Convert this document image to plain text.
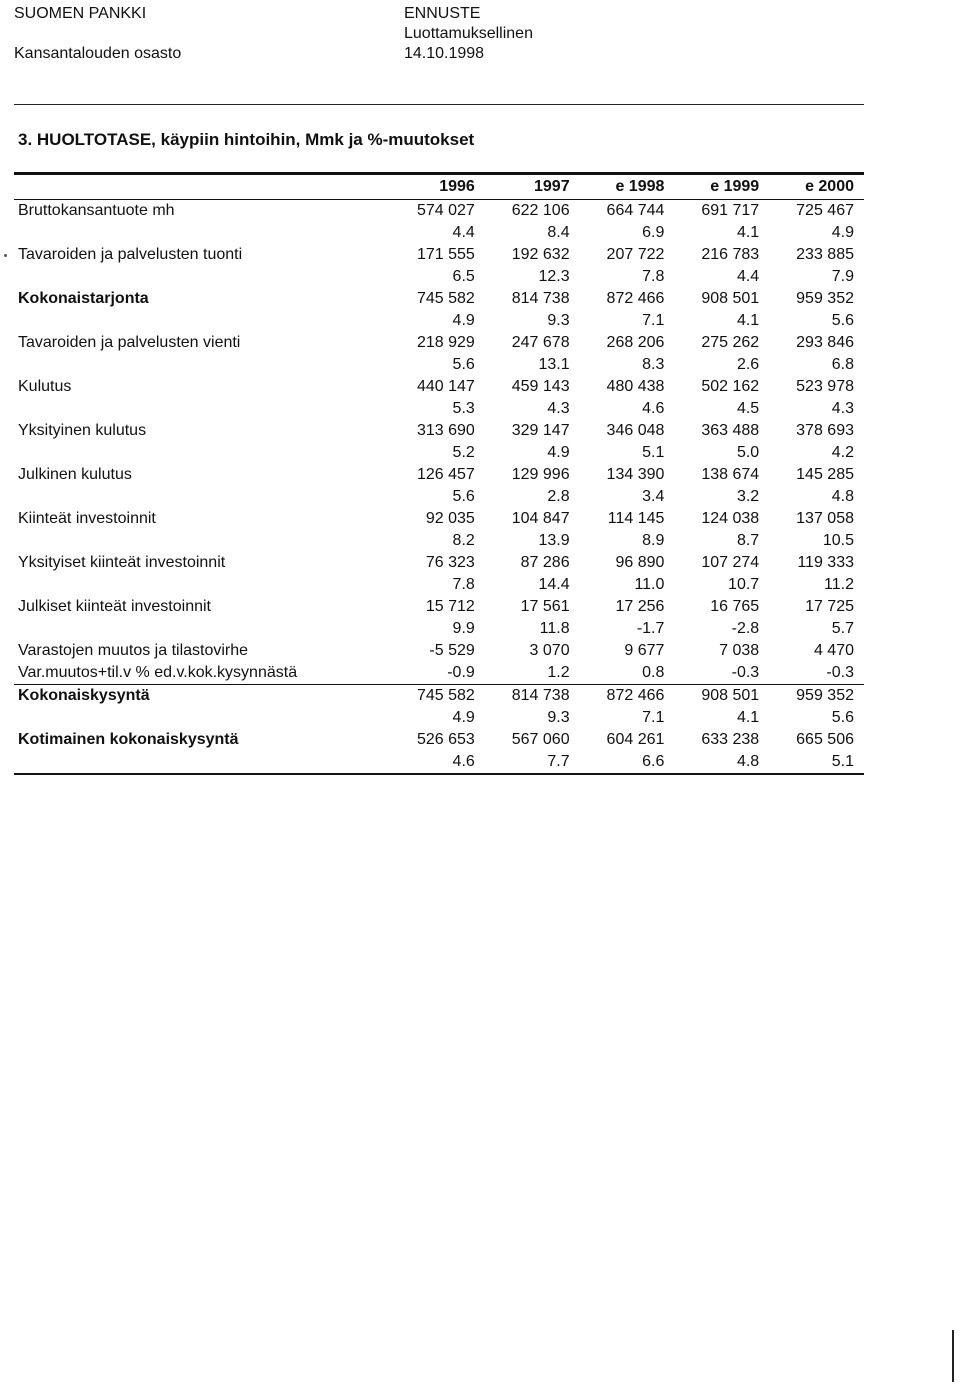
SUOMEN PANKKI
Kansantalouden osasto
ENNUSTE
Luottamuksellinen
14.10.1998
3. HUOLTOTASE, käypiin hintoihin, Mmk ja %-muutokset
	1996	1997	e 1998	e 1999	e 2000
Bruttokansantuote mh	574 027	622 106	664 744	691 717	725 467
	4.4	8.4	6.9	4.1	4.9
Tavaroiden ja palvelusten tuonti	171 555	192 632	207 722	216 783	233 885
	6.5	12.3	7.8	4.4	7.9
Kokonaistarjonta	745 582	814 738	872 466	908 501	959 352
	4.9	9.3	7.1	4.1	5.6
Tavaroiden ja palvelusten vienti	218 929	247 678	268 206	275 262	293 846
	5.6	13.1	8.3	2.6	6.8
Kulutus	440 147	459 143	480 438	502 162	523 978
	5.3	4.3	4.6	4.5	4.3
Yksityinen kulutus	313 690	329 147	346 048	363 488	378 693
	5.2	4.9	5.1	5.0	4.2
Julkinen kulutus	126 457	129 996	134 390	138 674	145 285
	5.6	2.8	3.4	3.2	4.8
Kiinteät investoinnit	92 035	104 847	114 145	124 038	137 058
	8.2	13.9	8.9	8.7	10.5
Yksityiset kiinteät investoinnit	76 323	87 286	96 890	107 274	119 333
	7.8	14.4	11.0	10.7	11.2
Julkiset kiinteät investoinnit	15 712	17 561	17 256	16 765	17 725
	9.9	11.8	-1.7	-2.8	5.7
Varastojen muutos ja tilastovirhe	-5 529	3 070	9 677	7 038	4 470
Var.muutos+til.v % ed.v.kok.kysynnästä	-0.9	1.2	0.8	-0.3	-0.3
Kokonaiskysyntä	745 582	814 738	872 466	908 501	959 352
	4.9	9.3	7.1	4.1	5.6
Kotimainen kokonaiskysyntä	526 653	567 060	604 261	633 238	665 506
	4.6	7.7	6.6	4.8	5.1
